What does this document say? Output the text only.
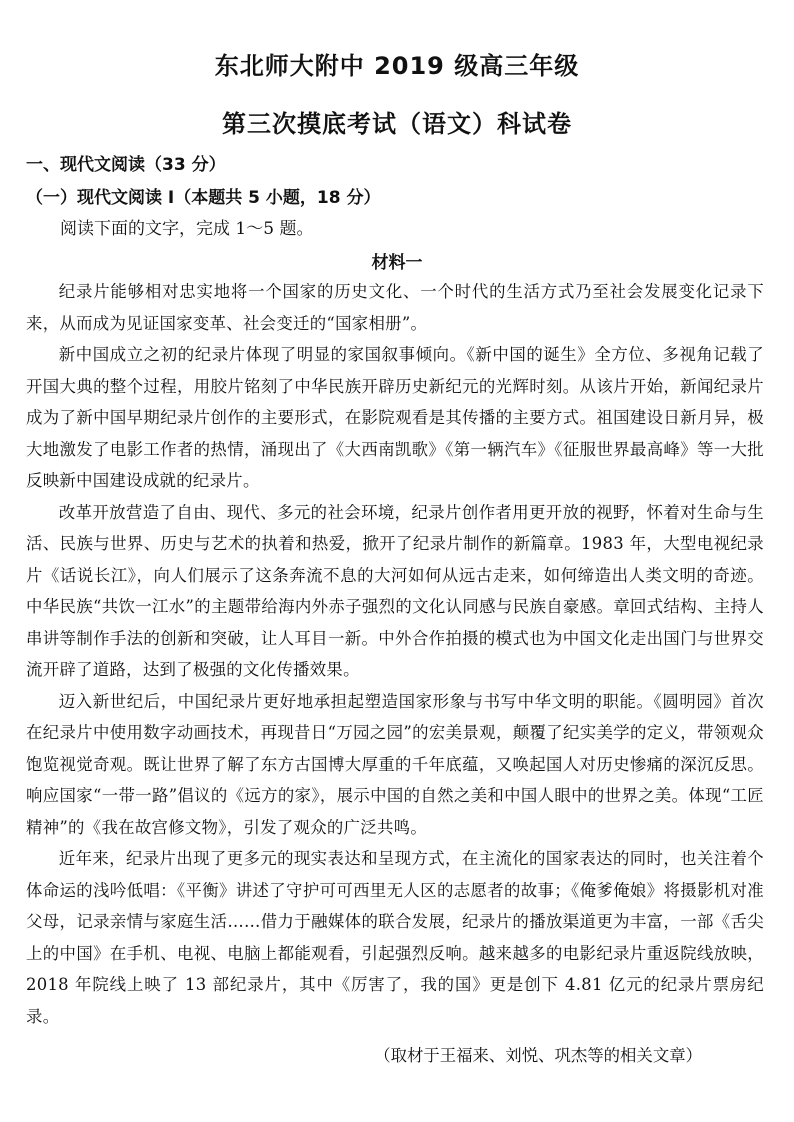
东北师大附中 2019 级高三年级
第三次摸底考试（语文）科试卷
一、现代文阅读（33 分）
（一）现代文阅读 I（本题共 5 小题，18 分）
阅读下面的文字，完成 1～5 题。
材料一

纪录片能够相对忠实地将一个国家的历史文化、一个时代的生活方式乃至社会发展变化记录下来，从而成为见证国家变革、社会变迁的“国家相册”。

新中国成立之初的纪录片体现了明显的家国叙事倾向。《新中国的诞生》全方位、多视角记载了开国大典的整个过程，用胶片铭刻了中华民族开辟历史新纪元的光辉时刻。从该片开始，新闻纪录片成为了新中国早期纪录片创作的主要形式，在影院观看是其传播的主要方式。祖国建设日新月异，极大地激发了电影工作者的热情，涌现出了《大西南凯歌》《第一辆汽车》《征服世界最高峰》等一大批反映新中国建设成就的纪录片。

改革开放营造了自由、现代、多元的社会环境，纪录片创作者用更开放的视野，怀着对生命与生活、民族与世界、历史与艺术的执着和热爱，掀开了纪录片制作的新篇章。1983 年，大型电视纪录片《话说长江》，向人们展示了这条奔流不息的大河如何从远古走来，如何缔造出人类文明的奇迹。中华民族“共饮一江水”的主题带给海内外赤子强烈的文化认同感与民族自豪感。章回式结构、主持人串讲等制作手法的创新和突破，让人耳目一新。中外合作拍摄的模式也为中国文化走出国门与世界交流开辟了道路，达到了极强的文化传播效果。

迈入新世纪后，中国纪录片更好地承担起塑造国家形象与书写中华文明的职能。《圆明园》首次在纪录片中使用数字动画技术，再现昔日“万园之园”的宏美景观，颠覆了纪实美学的定义，带领观众饱览视觉奇观。既让世界了解了东方古国博大厚重的千年底蕴，又唤起国人对历史惨痛的深沉反思。响应国家“一带一路”倡议的《远方的家》，展示中国的自然之美和中国人眼中的世界之美。体现“工匠精神”的《我在故宫修文物》，引发了观众的广泛共鸣。

近年来，纪录片出现了更多元的现实表达和呈现方式，在主流化的国家表达的同时，也关注着个体命运的浅吟低唱：《平衡》讲述了守护可可西里无人区的志愿者的故事；《俺爹俺娘》将摄影机对准父母，记录亲情与家庭生活……借力于融媒体的联合发展，纪录片的播放渠道更为丰富，一部《舌尖上的中国》在手机、电视、电脑上都能观看，引起强烈反响。越来越多的电影纪录片重返院线放映，2018 年院线上映了 13 部纪录片，其中《厉害了，我的国》更是创下 4.81 亿元的纪录片票房纪录。

（取材于王福来、刘悦、巩杰等的相关文章）
